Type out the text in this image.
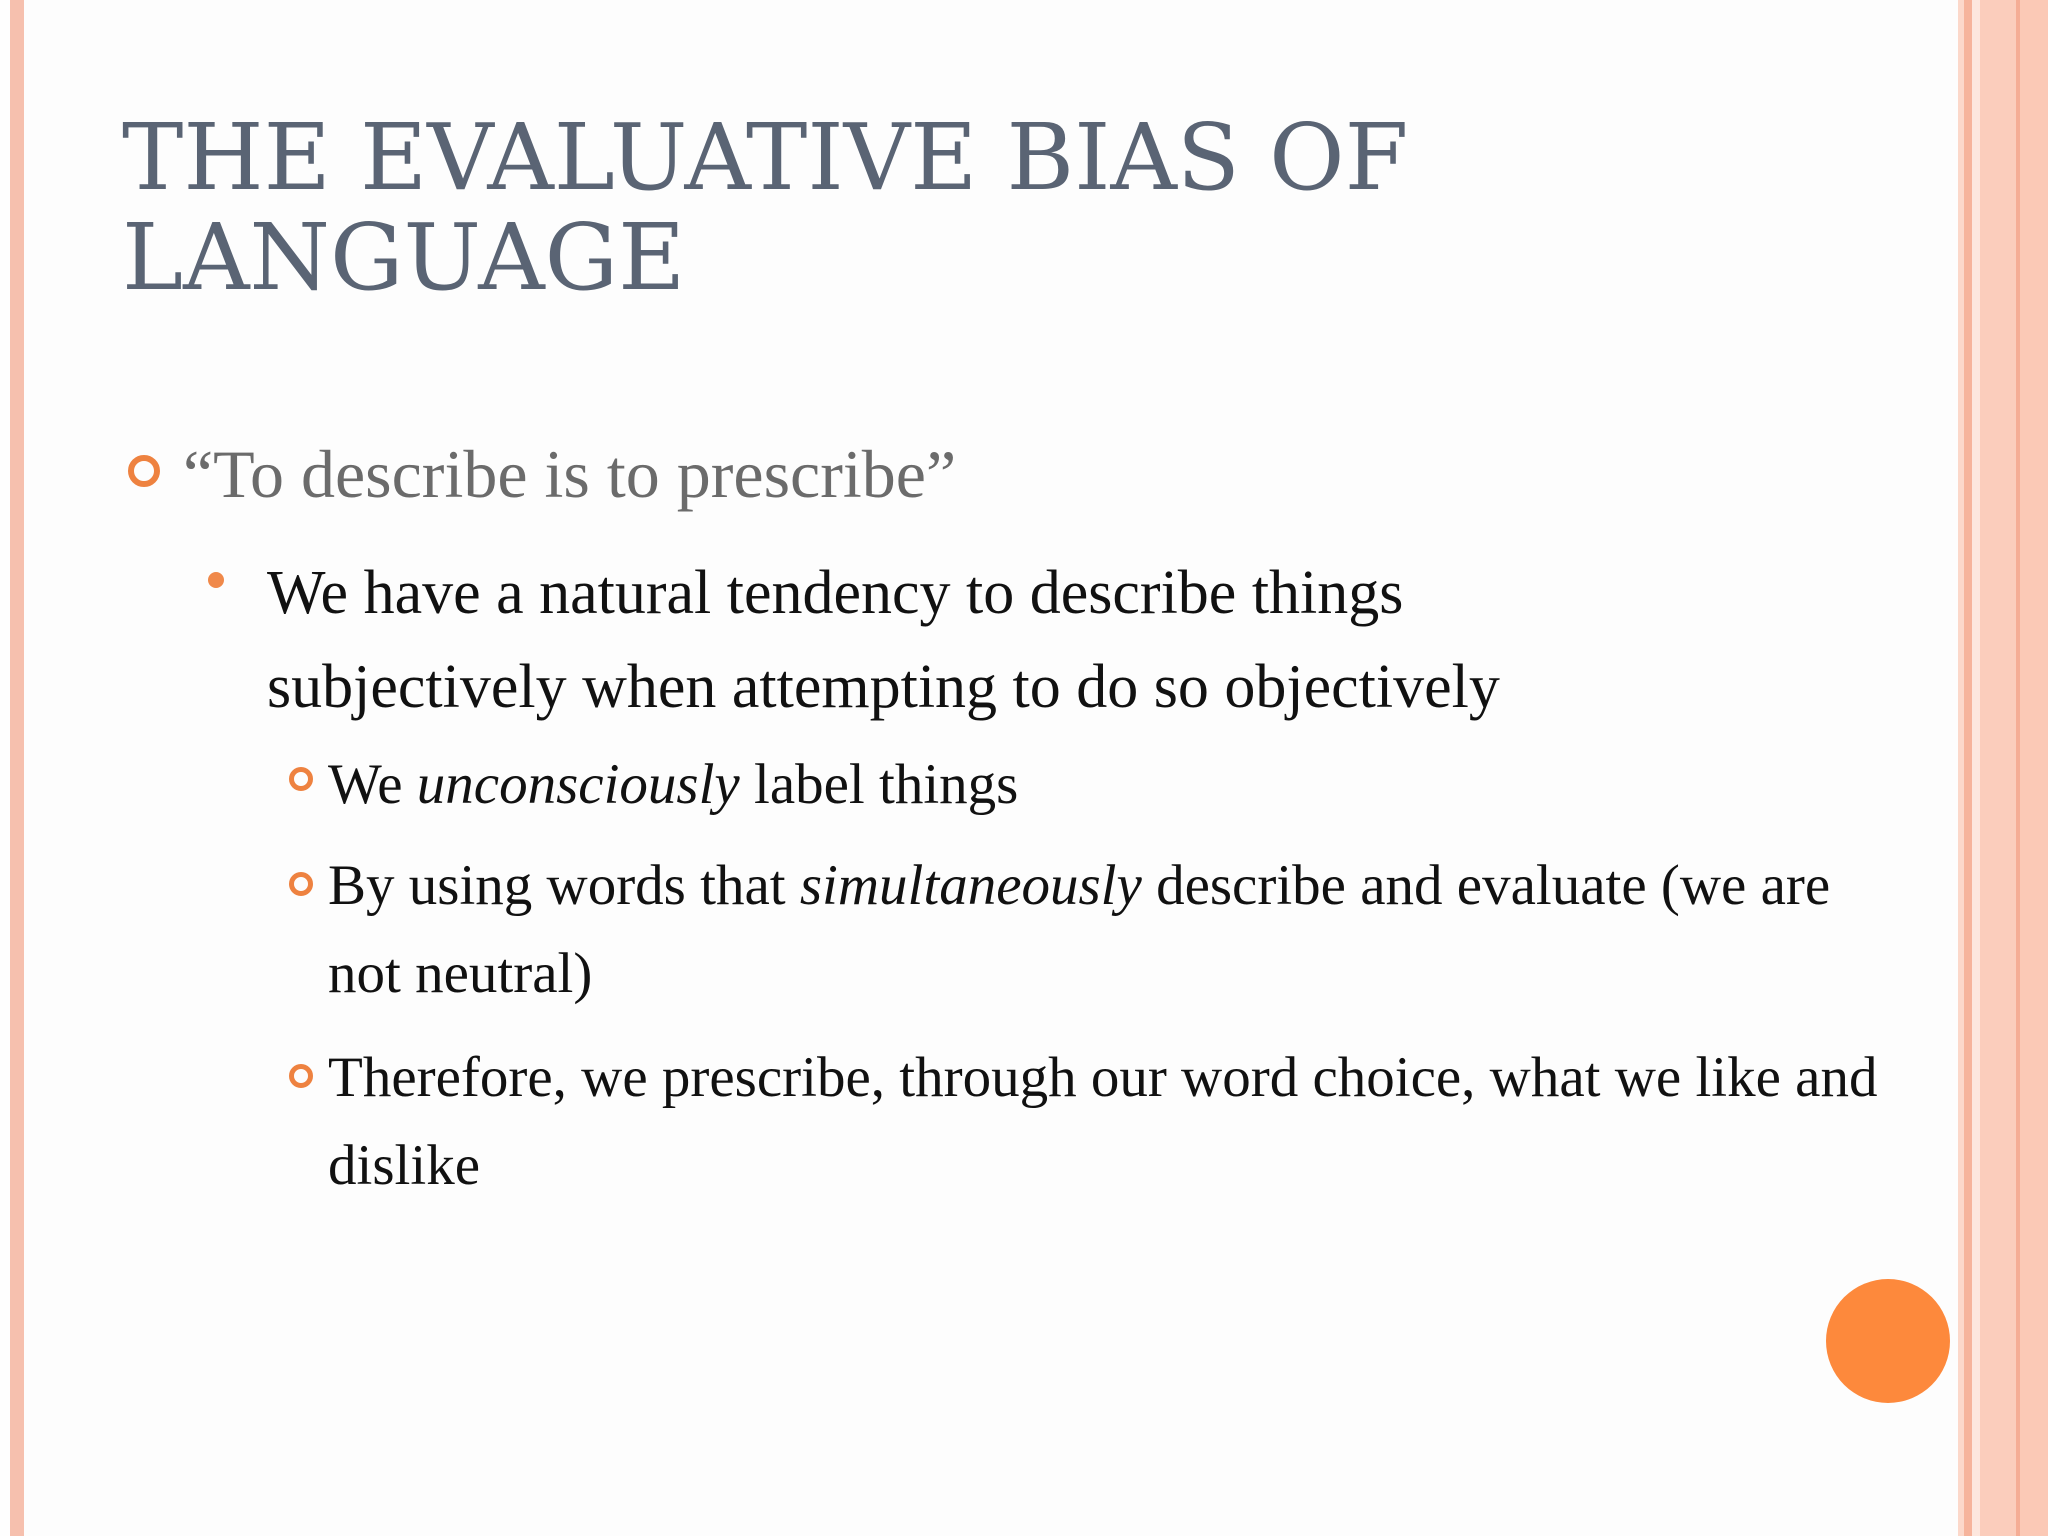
THE EVALUATIVE BIAS OF LANGUAGE
“To describe is to prescribe”
We have a natural tendency to describe things subjectively when attempting to do so objectively
We unconsciously label things
By using words that simultaneously describe and evaluate (we are not neutral)
Therefore, we prescribe, through our word choice, what we like and dislike
